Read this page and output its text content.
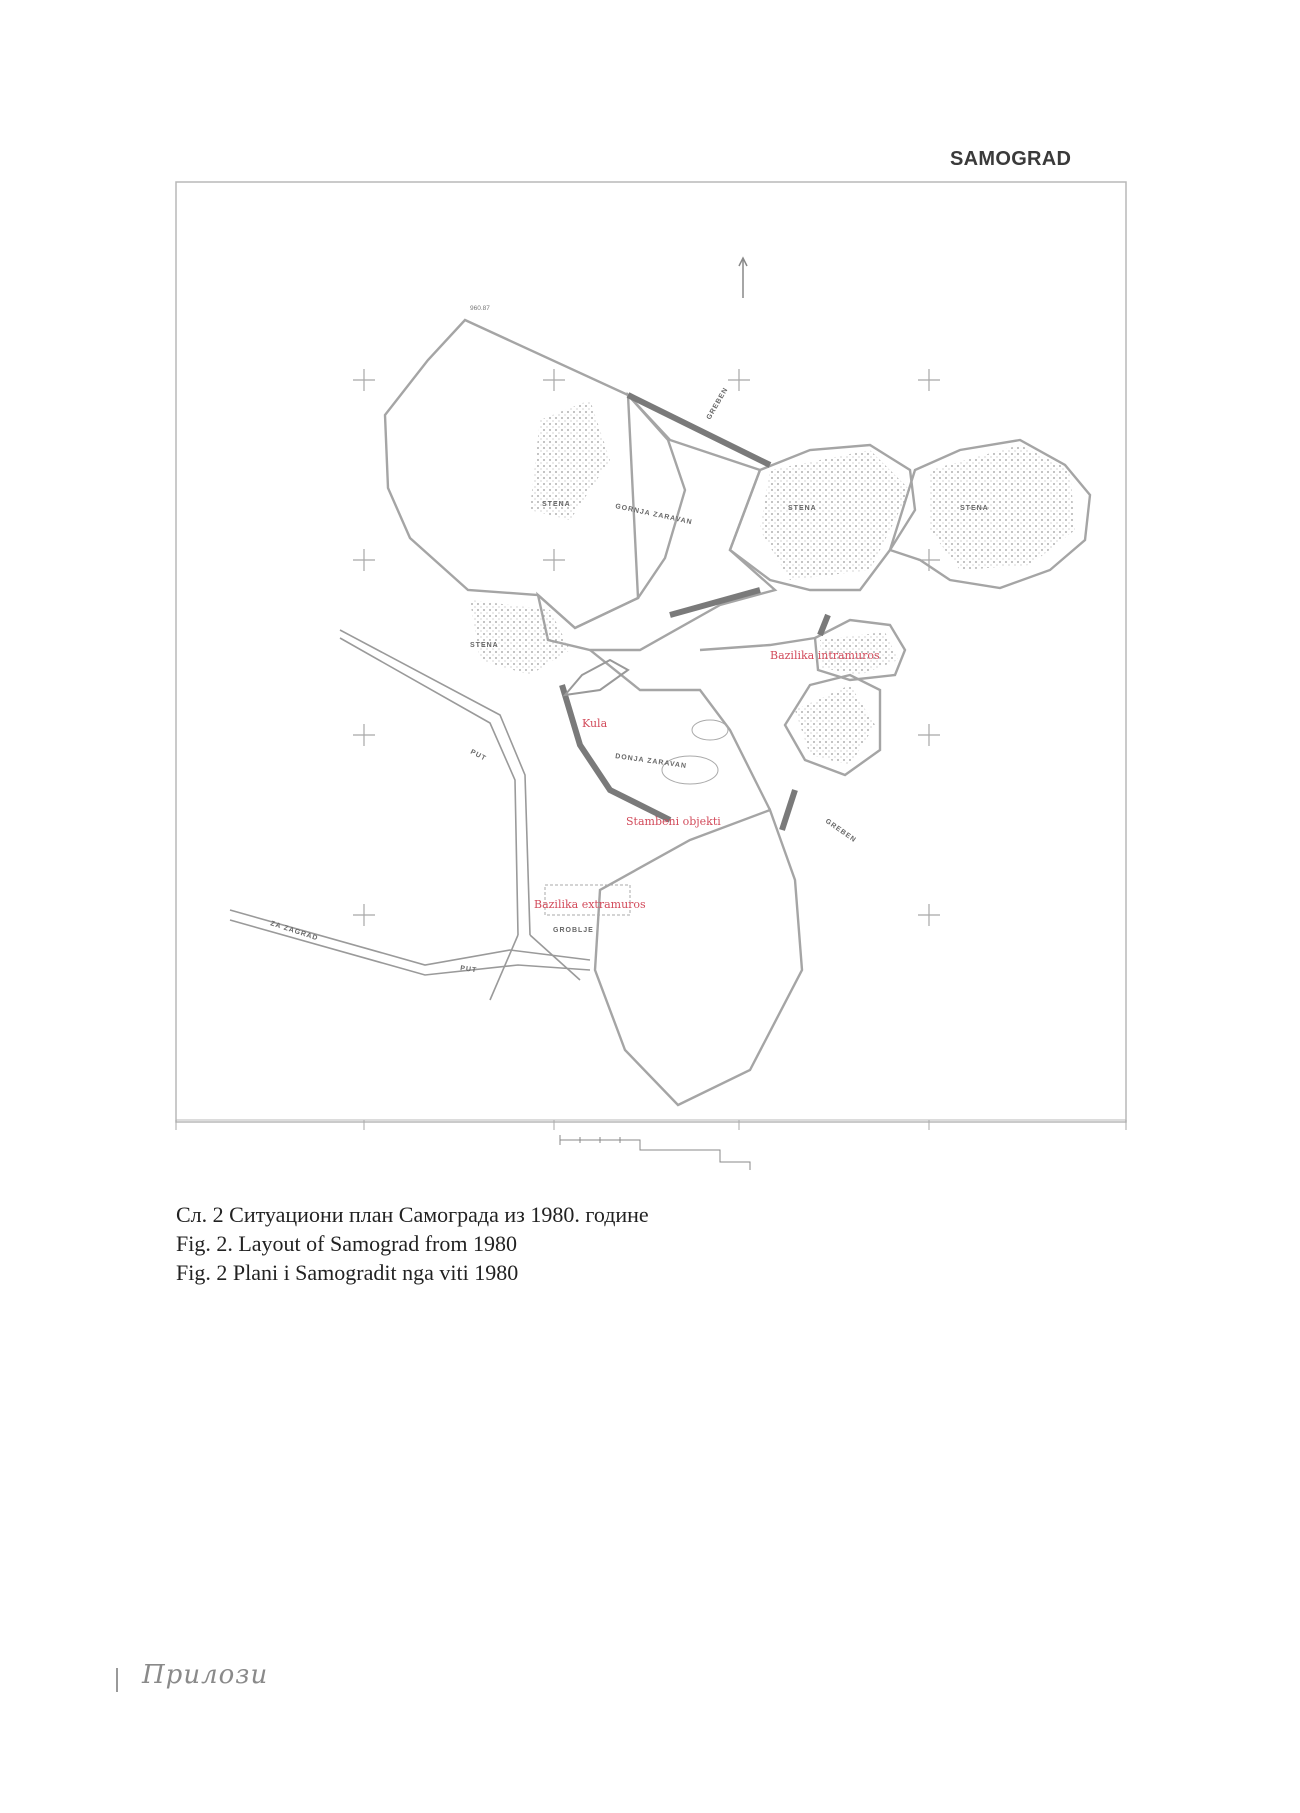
SAMOGRAD
960.87
GORNJA ZARAVAN
DONJA ZARAVAN
STENA
STENA
STENA
STENA
GREBEN
GREBEN
PUT
ZA ZAGRAD
PUT
GROBLJE
Bazilika intramuros
Kula
Stambeni objekti
Bazilika extramuros
Сл. 2 Ситуациони план Самограда из 1980. године
Fig. 2. Layout of Samograd from 1980
Fig. 2 Plani i Samogradit nga viti 1980
Прилози
